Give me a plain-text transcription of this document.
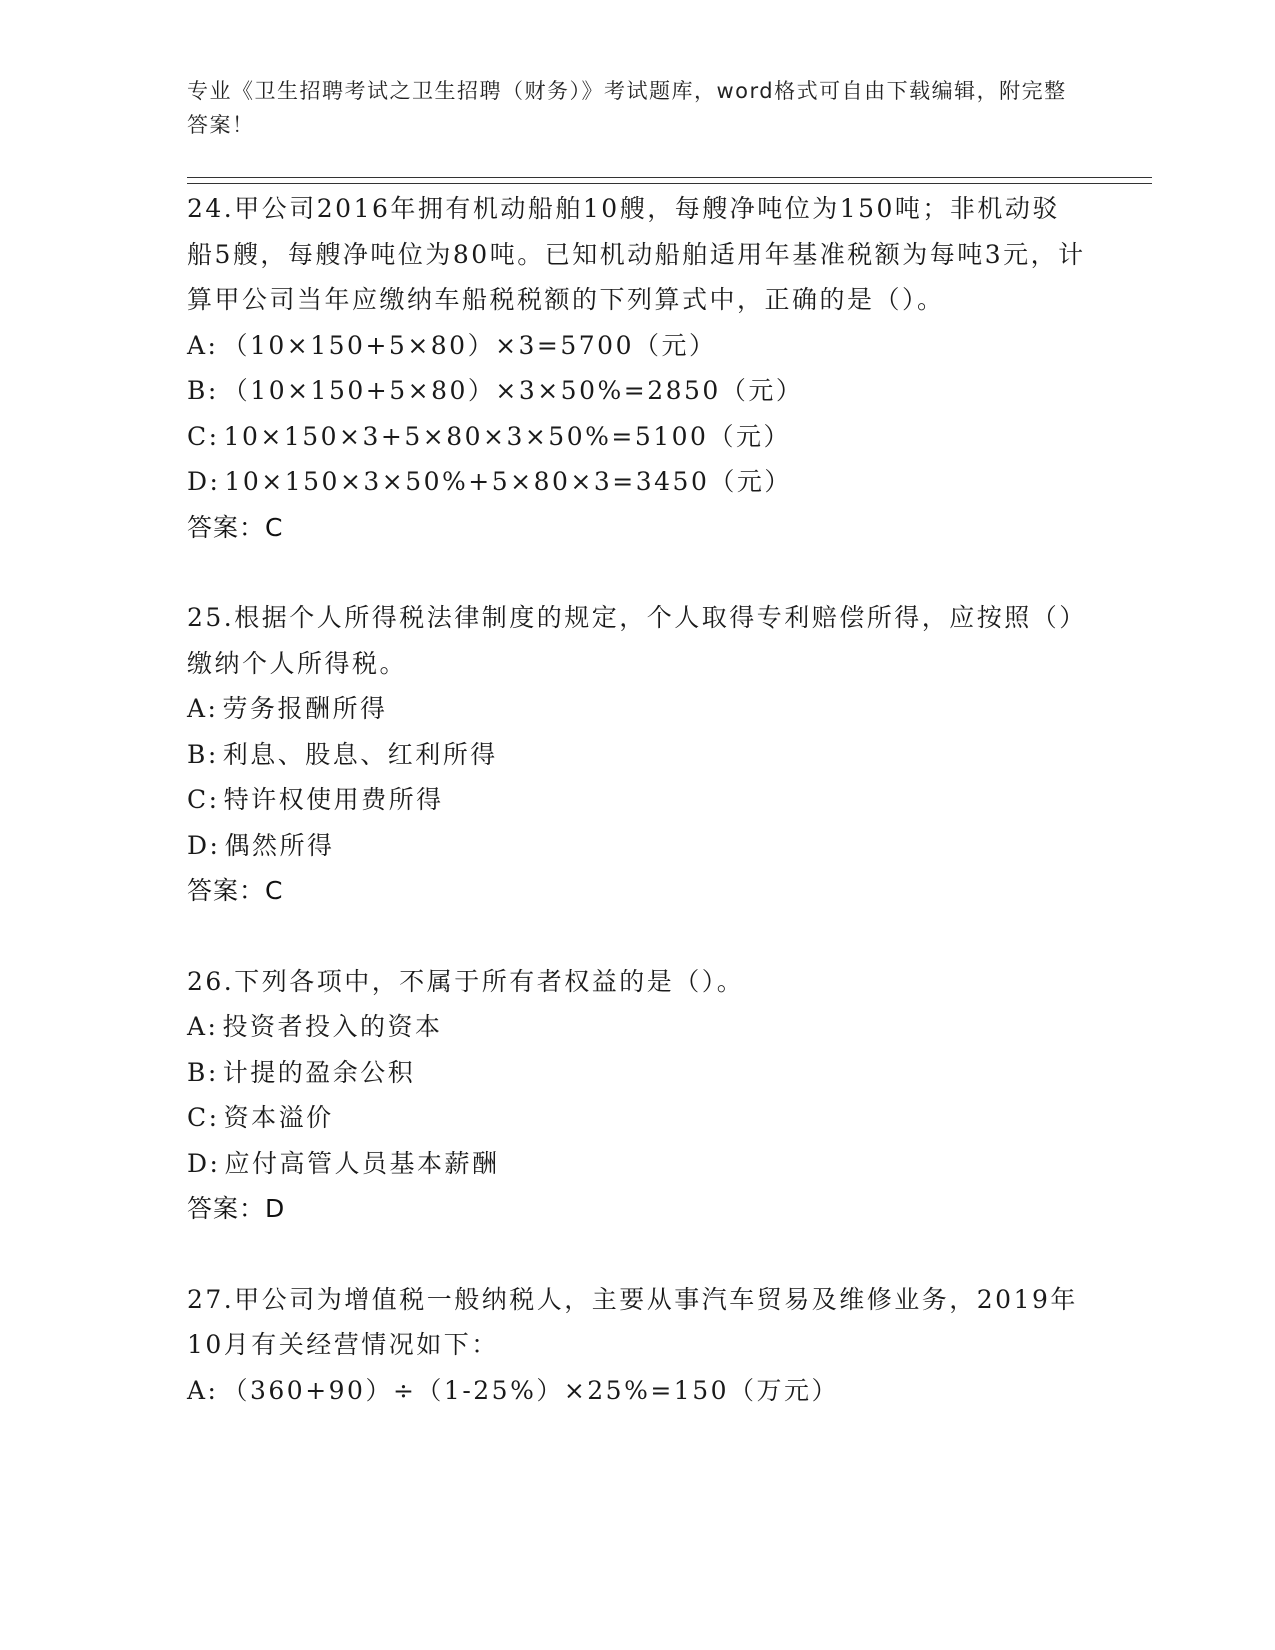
专业《卫生招聘考试之卫生招聘（财务）》考试题库，word格式可自由下载编辑，附完整答案！
24.甲公司2016年拥有机动船舶10艘，每艘净吨位为150吨；非机动驳船5艘，每艘净吨位为80吨。已知机动船舶适用年基准税额为每吨3元，计算甲公司当年应缴纳车船税税额的下列算式中，正确的是（）。
A: （10×150+5×80）×3=5700（元）
B: （10×150+5×80）×3×50%=2850（元）
C: 10×150×3+5×80×3×50%=5100（元）
D: 10×150×3×50%+5×80×3=3450（元）
答案：C
25.根据个人所得税法律制度的规定，个人取得专利赔偿所得，应按照（）缴纳个人所得税。
A: 劳务报酬所得
B: 利息、股息、红利所得
C: 特许权使用费所得
D: 偶然所得
答案：C
26.下列各项中，不属于所有者权益的是（）。
A: 投资者投入的资本
B: 计提的盈余公积
C: 资本溢价
D: 应付高管人员基本薪酬
答案：D
27.甲公司为增值税一般纳税人，主要从事汽车贸易及维修业务，2019年10月有关经营情况如下：
A: （360+90）÷（1-25%）×25%=150（万元）
